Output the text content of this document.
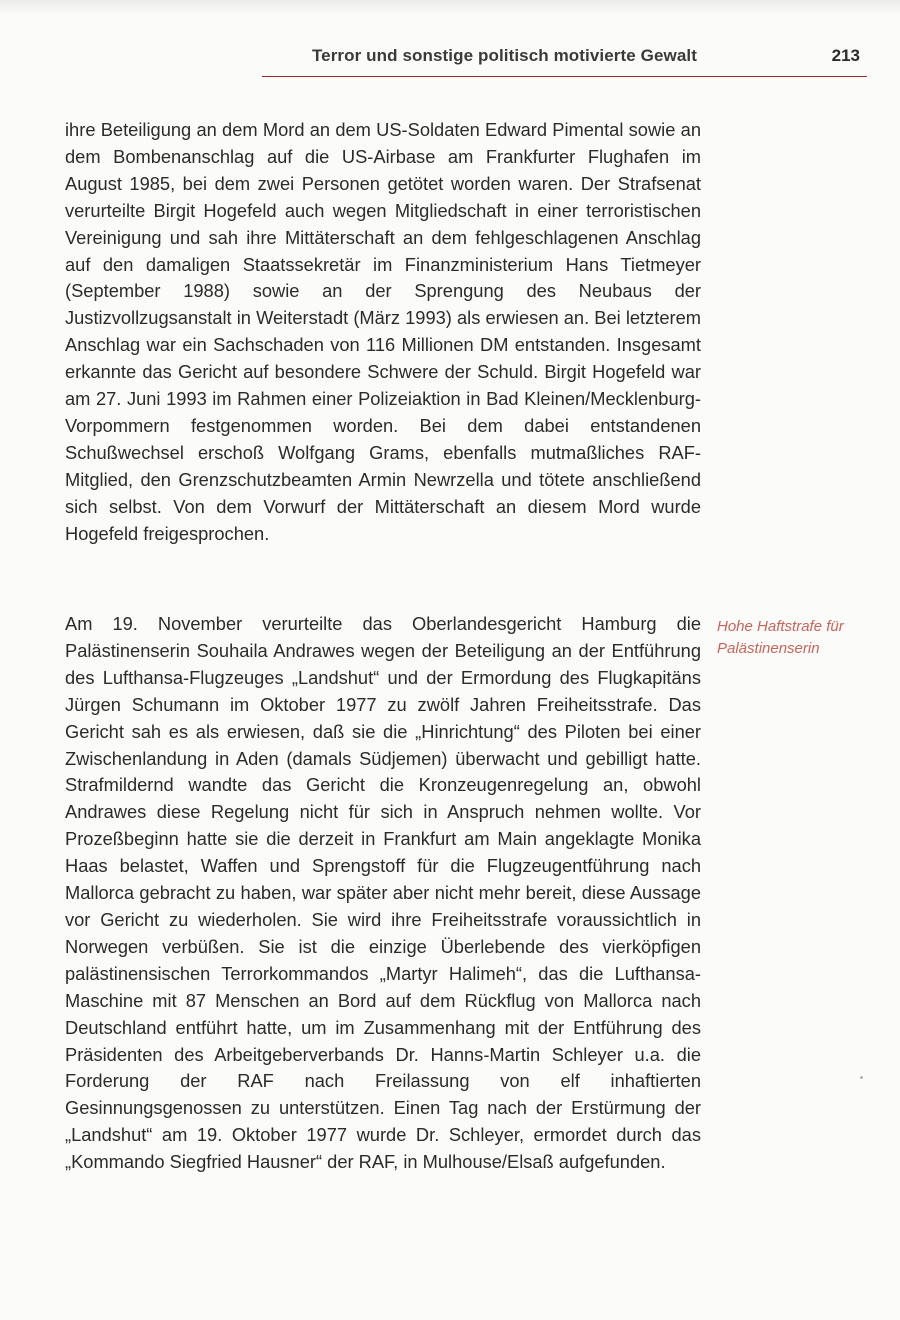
Terror und sonstige politisch motivierte Gewalt	213

ihre Beteiligung an dem Mord an dem US-Soldaten Edward Pimental sowie an dem Bombenanschlag auf die US-Airbase am Frankfurter Flughafen im August 1985, bei dem zwei Personen getötet worden waren. Der Strafsenat verurteilte Birgit Hogefeld auch wegen Mitgliedschaft in einer terroristischen Vereinigung und sah ihre Mittäterschaft an dem fehlgeschlagenen Anschlag auf den damaligen Staatssekretär im Finanzministerium Hans Tietmeyer (September 1988) sowie an der Sprengung des Neubaus der Justizvollzugsanstalt in Weiterstadt (März 1993) als erwiesen an. Bei letzterem Anschlag war ein Sachschaden von 116 Millionen DM entstanden. Insgesamt erkannte das Gericht auf besondere Schwere der Schuld. Birgit Hogefeld war am 27. Juni 1993 im Rahmen einer Polizeiaktion in Bad Kleinen/Mecklenburg-Vorpommern festgenommen worden. Bei dem dabei entstandenen Schußwechsel erschoß Wolfgang Grams, ebenfalls mutmaßliches RAF-Mitglied, den Grenzschutzbeamten Armin Newrzella und tötete anschließend sich selbst. Von dem Vorwurf der Mittäterschaft an diesem Mord wurde Hogefeld freigesprochen.

Am 19. November verurteilte das Oberlandesgericht Hamburg die Palästinenserin Souhaila Andrawes wegen der Beteiligung an der Entführung des Lufthansa-Flugzeuges „Landshut“ und der Ermordung des Flugkapitäns Jürgen Schumann im Oktober 1977 zu zwölf Jahren Freiheitsstrafe. Das Gericht sah es als erwiesen, daß sie die „Hinrichtung“ des Piloten bei einer Zwischenlandung in Aden (damals Südjemen) überwacht und gebilligt hatte. Strafmildernd wandte das Gericht die Kronzeugenregelung an, obwohl Andrawes diese Regelung nicht für sich in Anspruch nehmen wollte. Vor Prozeßbeginn hatte sie die derzeit in Frankfurt am Main angeklagte Monika Haas belastet, Waffen und Sprengstoff für die Flugzeugentführung nach Mallorca gebracht zu haben, war später aber nicht mehr bereit, diese Aussage vor Gericht zu wiederholen. Sie wird ihre Freiheitsstrafe voraussichtlich in Norwegen verbüßen. Sie ist die einzige Überlebende des vierköpfigen palästinensischen Terrorkommandos „Martyr Halimeh“, das die Lufthansa-Maschine mit 87 Menschen an Bord auf dem Rückflug von Mallorca nach Deutschland entführt hatte, um im Zusammenhang mit der Entführung des Präsidenten des Arbeitgeberverbands Dr. Hanns-Martin Schleyer u.a. die Forderung der RAF nach Freilassung von elf inhaftierten Gesinnungsgenossen zu unterstützen. Einen Tag nach der Erstürmung der „Landshut“ am 19. Oktober 1977 wurde Dr. Schleyer, ermordet durch das „Kommando Siegfried Hausner“ der RAF, in Mulhouse/Elsaß aufgefunden.

Hohe Haftstrafe für Palästinenserin
